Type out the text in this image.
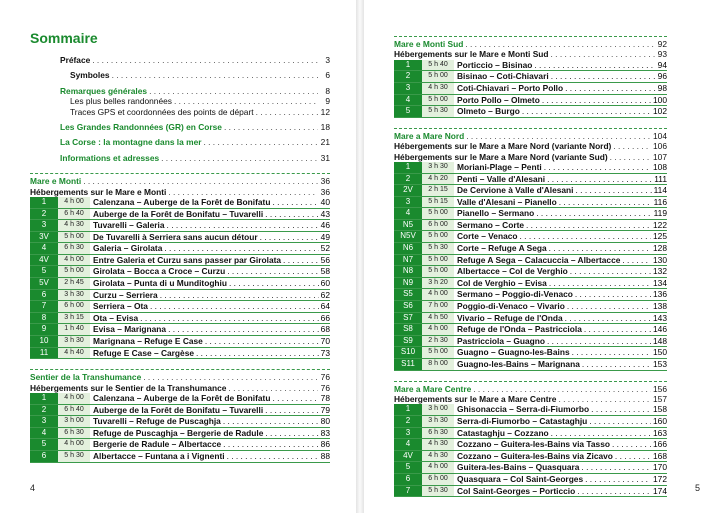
Sommaire
Préface . . .	3
Symboles . . .	6
Remarques générales . . .	8
Les plus belles randonnées . . .	9
Traces GPS et coordonnées des points de départ . . .	12
Les Grandes Randonnées (GR) en Corse . . .	18
La Corse : la montagne dans la mer . . .	21
Informations et adresses . . .	31
Mare e Monti . . .	36
Hébergements sur le Mare e Monti . . .	36
1	4 h 00	Calenzana – Auberge de la Forêt de Bonifatu . . .	40
2	6 h 40	Auberge de la Forêt de Bonifatu – Tuvarelli . . .	43
3	4 h 30	Tuvarelli – Galeria . . .	46
3V	5 h 00	De Tuvarelli à Serriera sans aucun détour . . .	49
4	6 h 30	Galeria – Girolata . . .	52
4V	4 h 00	Entre Galeria et Curzu sans passer par Girolata . . .	56
5	5 h 00	Girolata – Bocca a Croce – Curzu . . .	58
5V	2 h 45	Girolata – Punta di u Munditoghiu . . .	60
6	3 h 30	Curzu – Serriera . . .	62
7	6 h 00	Serriera – Ota . . .	64
8	3 h 15	Ota – Evisa . . .	66
9	1 h 40	Evisa – Marignana . . .	68
10	3 h 30	Marignana – Refuge E Case . . .	70
11	4 h 40	Refuge E Case – Cargèse . . .	73
Sentier de la Transhumance . . .	76
Hébergements sur le Sentier de la Transhumance . . .	76
1	4 h 00	Calenzana – Auberge de la Forêt de Bonifatu . . .	78
2	6 h 40	Auberge de la Forêt de Bonifatu – Tuvarelli . . .	79
3	3 h 00	Tuvarelli – Refuge de Puscaghja . . .	80
4	6 h 30	Refuge de Puscaghja – Bergerie de Radule . . .	83
5	4 h 00	Bergerie de Radule – Albertacce . . .	86
6	5 h 30	Albertacce – Funtana a i Vignenti . . .	88
4
Mare e Monti Sud . . .	92
Hébergements sur le Mare e Monti Sud . . .	93
1	5 h 40	Porticcio – Bisinao . . .	94
2	5 h 00	Bisinao – Coti-Chiavari . . .	96
3	4 h 30	Coti-Chiavari – Porto Pollo . . .	98
4	5 h 00	Porto Pollo – Olmeto . . .	100
5	5 h 30	Olmeto – Burgo . . .	102
Mare a Mare Nord . . .	104
Hébergements sur le Mare a Mare Nord (variante Nord) . . .	106
Hébergements sur le Mare a Mare Nord (variante Sud) . . .	107
1	3 h 30	Moriani-Plage – Penti . . .	108
2	4 h 20	Penti – Valle d'Alesani . . .	111
2V	2 h 15	De Cervione à Valle d'Alesani . . .	114
3	5 h 15	Valle d'Alesani – Pianello . . .	116
4	5 h 00	Pianello – Sermano . . .	119
N5	6 h 00	Sermano – Corte . . .	122
N5V	5 h 00	Corte – Venaco . . .	125
N6	5 h 30	Corte – Refuge A Sega . . .	128
N7	5 h 00	Refuge A Sega – Calacuccia – Albertacce . . .	130
N8	5 h 00	Albertacce – Col de Verghio . . .	132
N9	3 h 20	Col de Verghio – Evisa . . .	134
S5	4 h 00	Sermano – Poggio-di-Venaco . . .	136
S6	7 h 00	Poggio-di-Venaco – Vivario . . .	138
S7	4 h 50	Vivario – Refuge de l'Onda . . .	143
S8	4 h 00	Refuge de l'Onda – Pastricciola . . .	146
S9	2 h 30	Pastricciola – Guagno . . .	148
S10	5 h 00	Guagno – Guagno-les-Bains . . .	150
S11	8 h 00	Guagno-les-Bains – Marignana . . .	153
Mare a Mare Centre . . .	156
Hébergements sur le Mare a Mare Centre . . .	157
1	3 h 00	Ghisonaccia – Serra-di-Fiumorbo . . .	158
2	3 h 30	Serra-di-Fiumorbo – Catastaghju . . .	160
3	6 h 30	Catastaghju – Cozzano . . .	163
4	4 h 30	Cozzano – Guitera-les-Bains via Tasso . . .	166
4V	4 h 30	Cozzano – Guitera-les-Bains via Zicavo . . .	168
5	4 h 00	Guitera-les-Bains – Quasquara . . .	170
6	6 h 00	Quasquara – Col Saint-Georges . . .	172
7	5 h 30	Col Saint-Georges – Porticcio . . .	174	5
